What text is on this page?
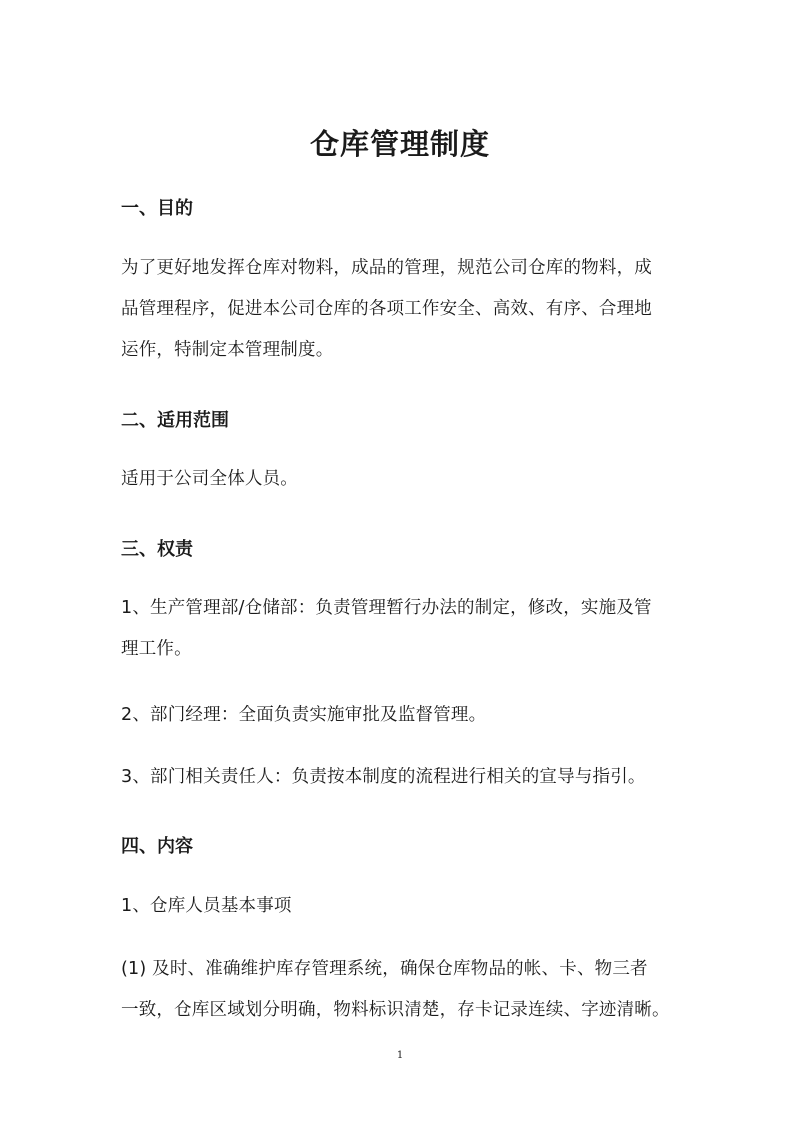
仓库管理制度
一、目的
为了更好地发挥仓库对物料，成品的管理，规范公司仓库的物料，成
品管理程序，促进本公司仓库的各项工作安全、高效、有序、合理地
运作，特制定本管理制度。
二、适用范围
适用于公司全体人员。
三、权责
1、生产管理部/仓储部：负责管理暂行办法的制定，修改，实施及管
理工作。
2、部门经理：全面负责实施审批及监督管理。
3、部门相关责任人：负责按本制度的流程进行相关的宣导与指引。
四、内容
1、仓库人员基本事项
(1) 及时、准确维护库存管理系统，确保仓库物品的帐、卡、物三者
一致，仓库区域划分明确，物料标识清楚，存卡记录连续、字迹清晰。
1
